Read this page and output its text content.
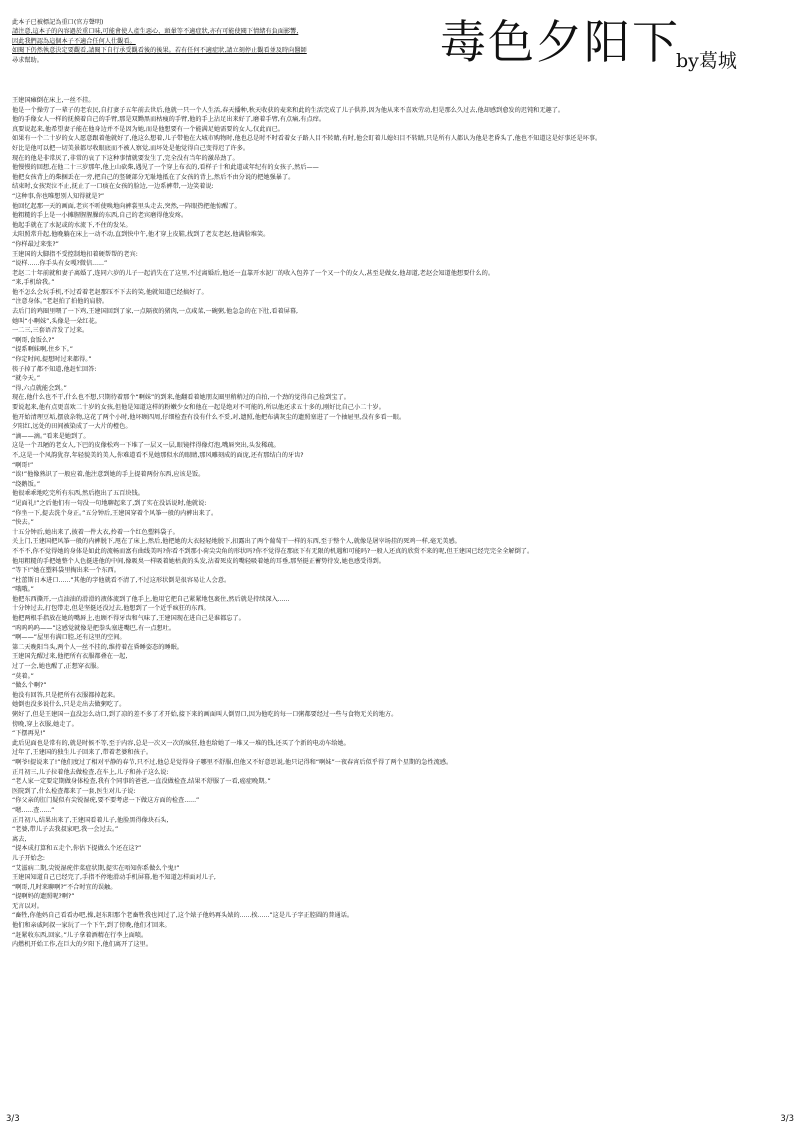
此本子已被標記為重口(官方聲明)
請注意,這本子的內容過於重口味,可能會使人產生惡心、頭暈等不適症狀,亦有可能使閱下情緒有負面影響,
因此我們認為這個本子不適合任何人仕觀看。
如閱下仍然執意決定要觀看,請閱下自行承受觀看後的後果。若有任何不適症狀,請立刻停止觀看並及時向醫師
尋求幫助。	毒色夕阳下
by葛城
王建国瘫倒在床上,一丝不挂。
他是一个操劳了一辈子的老农民,自打妻子五年前去世后,他就一只一个人生活,春天播种,秋天收获的麦来和此的生活完成了儿子供养,因为他从来不喜欢劳动,但是那么久过去,他却感到愈发的迟钝和无趣了。
他的手像女人一样的抚摸着自己的手臂,那是双黝黑而枯瘦的手臂,他的手上沾足出来好了,磨着手臂,有点痛,有点痒。
真要说起来,他希望妻子能在他身边并不是因为她,而是他想要有一个能满足她需要的女人,仅此而已。
如果有一个二十岁的女人愿意跟着他就好了,他这么想着,儿子带他在大城市购物时,他也总是时不时看着女子路人目不转睛,有时,他会盯着儿媳妇目不转睛,只是所有人都认为他是老昏头了,他也不知道这是好事还是坏事。
好比是他可以把一切美景都尽收眼底而不被人察觉,而坏处是他觉得自己变得迟了许多。
现在的他是非常厌了,非常的哀了下这种事情就要发生了,完全没有当年的激昂劲了。
他慢慢的回想,在他二十三岁那年,他上山砍柴,遇见了一个穿上布衣的,看样子十和此道或年纪有的女孩子,然后——
他把女孩背上的柴捆丢在一旁,把自己的竖硬部分无耻地抵在了女孩的背上,然后不由分说的把她强暴了。
结束时,女孩哭泣不止,抚止了一口痰在女孩的脸边,一边系裤带,一边笑着说:
“这种事,你也唯想别人知得就是?”
他回忆起那一天的画面,老宾不听使唤地向裤裳里头走去,突然,一阵眼热把他惊醒了。
他粗糙的手上是一小摊腥腥腥臊的东西,自己的老宾磨得他发疼。
他起手就在了水泥或的水流下,不住的发呆。
太阳照常升起,他晚躺在床上一动不动,直到快中午,他才穿上皮鞋,找到了老友老赵,他满脸堆笑。
“你样最过来张?”
王建国的大脚指不受控制地扣着硬帮帮的老宾:
“说样......你手头有女嘎?微信......”
老赵二十年前就和妻子离婚了,连同六岁的儿子一起消失在了这里,不过离婚后,他还一直靠开水泥厂的收入包养了一个又一个的女人,甚至是做女,他却道,老赵会知道他想要什么的。
“来,手机给我。”
他不怎么会玩手机,不过看着老赵那压不下去的笑,他就知道已经搞好了。
“注意身体。”老赵拍了拍他的肩膀。
去后门的鸡圈里喂了一下鸡,王建国回到了家,一点隔夜的猪肉,一点咸菜,一碗粥,他急急的在下肚,看着屏幕,
她叫“小啊妹”,头像是一朵红花。
一二三,三套语音发了过来。
“啊哥,食饭么?”
“提系啊妹啊,住乡下。”
“你定时间,提想时过来都得。”
筷子掉了都不知道,他赶忙回答:
“就今天。”
“得,六点就能会到。”
现在,他什么也不干,什么也不想,只期待着那个“啊妹”的到来,他翻看着她朋友圈里稍稍过的自拍,一个劲的觉得自己捡到宝了。
要说起来,他有点更喜欢二十岁的女孩,但他是知道这样的粉嫩少女和他在一起是绝对不可能的,所以他还求五十多的,刚好比自己小二十岁。
他开始清理豆垢,摆放杂物,这花了两个小时,他坏顾四周,仔细检查有没有什么不妥,对,遗照,他把布满灰尘的遗照塞进了一个抽屉里,没有多看一眼。
夕阳红,远处的田间被染成了一大片的橙色。
“滴——滴。”看来是她到了。
这是一个丑陋的老女人,下巴的皮像松鸡一下堆了一层又一层,眼镜拌得像灯泡,嘴唇突出,头发稀疏。
不,这是一个风韵犹存,年轻貌美的美人,你难道看不见她那似水的眼睛,那风雕刻成的面庞,还有那结白的牙齿?
“啊哥!”
“诶!”他像熟识了一般应着,他注意到她的手上提着两份东西,应该是饭。
“绕鹅饭。”
他很乖乖地吃完所有东西,然后抱出了五百块钱。
“见面礼!”之后他们有一句没一句地聊起来了,到了实在没话说时,他就说:
“你坐一下,提去洗个身正。”五分钟后,王建国穿着个风筝一般的内裤出来了。
“快去。”
十五分钟后,她出来了,披着一件大衣,拎着一个红色塑料袋子。
关上门,王建国把风筝一般的内裤脱下,甩在了床上,然后,他把她的大衣轻轻地脱下,扣露出了两个葡萄干一样的东西,至于整个人,就像是屠宰场挂的死鸡一样,毫无美感。
不不不,你不觉得她的身体是如此的流畅而富有曲线美吗?你看不到那小荷尖尖角的形状吗?你不觉得在那底下有无限的机遇和可能吗?一般人还真的欣赏不来的呢,但王建国已经完完全全解倒了。
他用粗糙的手把她整个人色挺进他的中间,像吸臭一样吸着她枯黄的头发,沾着死皮的嘴轻吸着她的耳垂,那坚挺正蓄势待发,她也感受得到。
“等下!”她在塑料袋里掏出来一个东西。
“杜蕾斯日本进口......”其他的字他就看不清了,不过这形状倒是很容易让人会意。
“哦哦。”
他把东西撕开,一点油油的滑滑的液体流到了他手上,他用它把自己紧紧地包裹住,然后就是持续深入......
十分钟过去,打包带走,但是坚挺还没过去,他想到了一个近乎疯狂的东西。
他把两根手指放在她的嘴唇上,也顾不得牙齿和气味了,王建国现在进自己是谁都忘了。
“呜呜呜呜——”这感觉就像是把拳头塞进嘴巴,有一点想吐。
“啊——”屋里有满口腔,还有这里的空间。
第二天晚阳当头,两个人一丝不挂的,维持着在昏睡姿态的睡眠。
王建国先醒过来,他把所有衣服都叠在一起,
过了一会,她也醒了,正想穿衣服。
“莫着。”
“做么个啊?”
他没有回答,只是把所有衣服都掉起来。
她倒也没多说什么,只是走出去做粥吃了。
粥好了,但是王建国一直没怎么动口,到了凉的差不多了才开始,接下来的画面叫人倒胃口,因为他吃的每一口粥都要经过一些与食物无关的地方。
傍晚,穿上衣服,她走了。
“下摆再见!”
此后见面也是常有的,就是时候不等,至于内容,总是一次又一次的疯狂,他也给她了一堆又一堆的钱,还买了个新的电动车给她。
过年了,王建国的独生儿子回来了,带着老婆和孩子。
“啊爷!提说来了!”他们度过了相对平静的春节,只不过,他总是觉得身子哪里不舒服,但他又不好意思说,他只记得和“啊妹”一夜春宵后似乎得了两个星期的急性流感。
正月初三,儿子拉着他去做检查,在车上,儿子和孙子这么说:
“老人家一定要定期做身体检查,我有个同事的爸爸,一直没做检查,结果不舒服了一看,癌症晚期。”
医院到了,什么检查都来了一套,医生对儿子说:
“你父亲的肛门疑似有尖锐湿疣,要不要考虑一下做这方面的检查......”
“嗯......查......”
正月初八,结果出来了,王建国看着儿子,他脸黑得像块石头,
“老婆,带儿子去我叔家吧,我一会过去。”
离去,
“提本成打算和五走个,你估下提做么个还在这?”
儿子开始念:
“艾滋病二期,尖锐湿疣伴菜症状期,提实在唔知你系做么个鬼!”
王建国知道自己已经完了,手指不停地滑动手机屏幕,他不知道怎样面对儿子,
“啊哥,几时来聊啊?”不合时宜的误触。
“提啊妈的遗照呢?啊?”
无言以对。
“畜牲,你他妈自己看看办吧,操,赵东阳那个老畜牲我也问过了,这个婊子他妈再头婊的......挨......”这是儿子字正腔圆的普通话。
他们和亲戚阿叔一家玩了一个下午,到了傍晚,他们才回来。
“赶紧收东西,回家。”儿子拿着酒精在行李上面喷。
内燃机开始工作,在巨大的夕阳下,他们离开了这里。
3/3	3/3
